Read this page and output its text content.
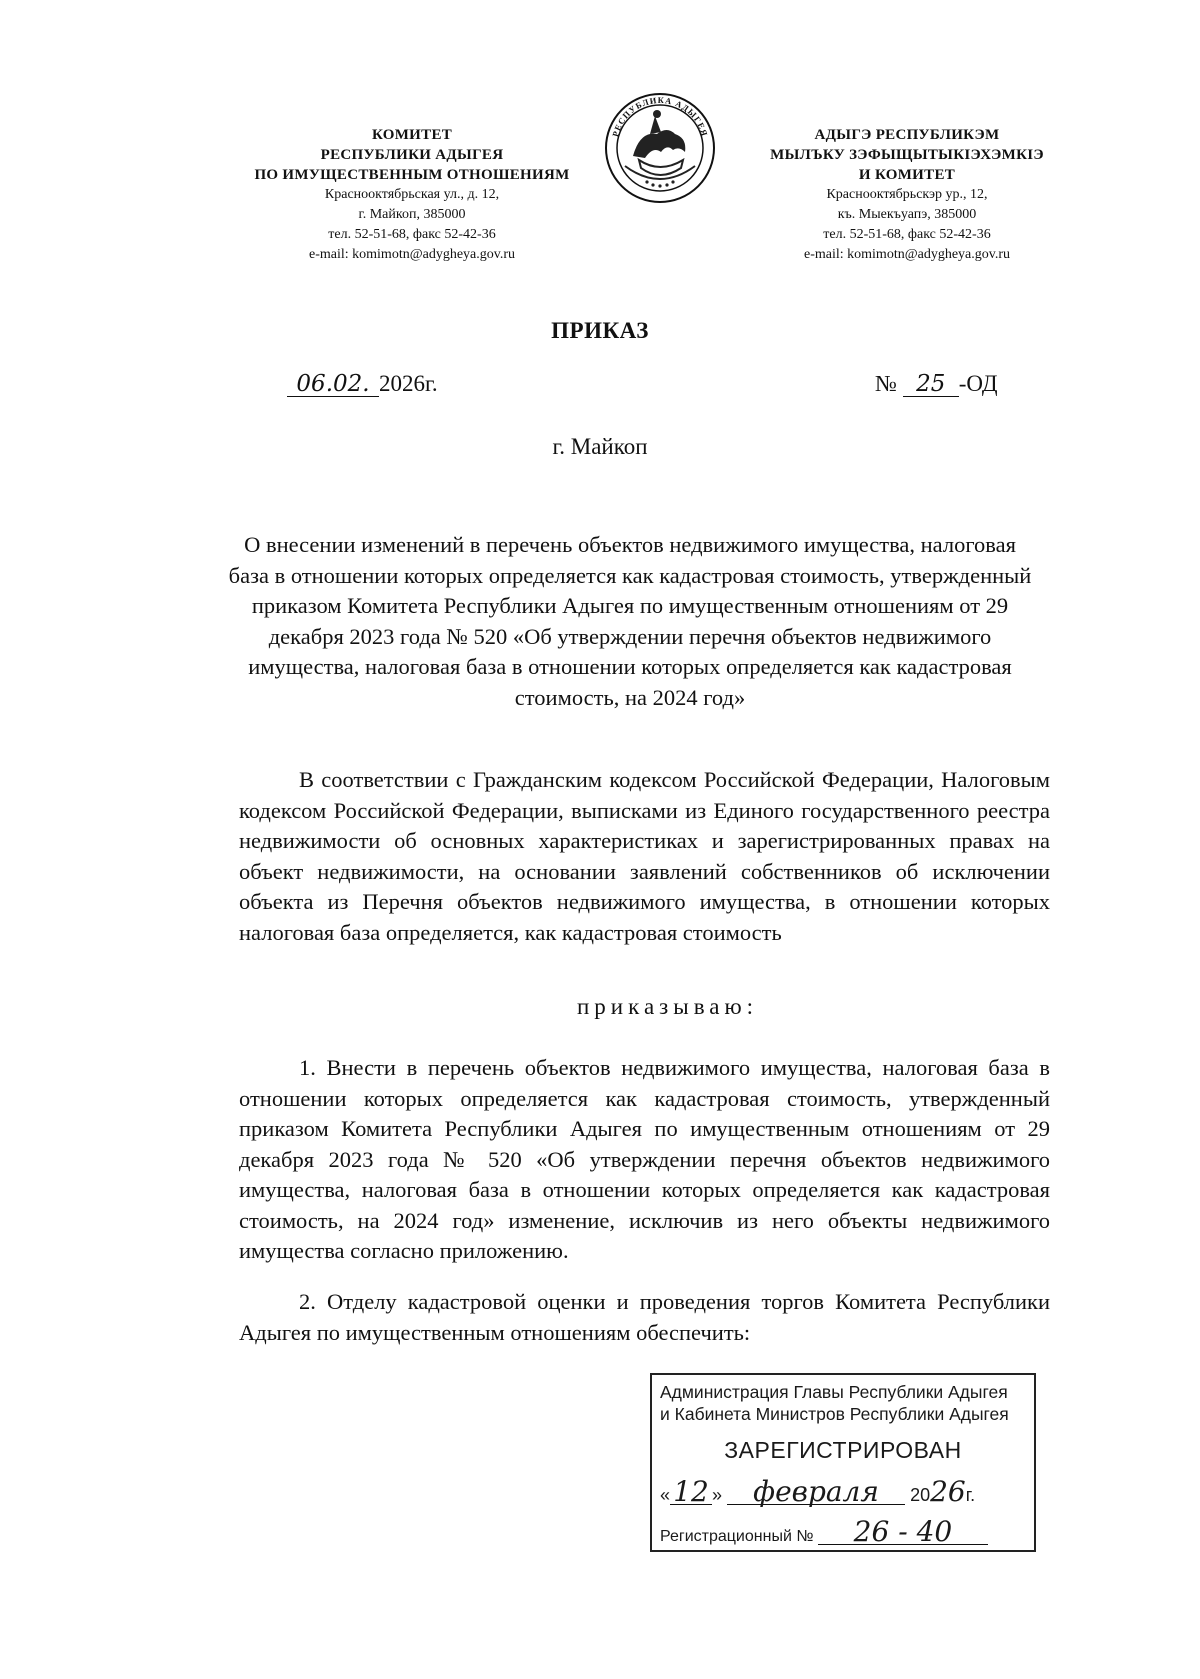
КОМИТЕТ
РЕСПУБЛИКИ АДЫГЕЯ
ПО ИМУЩЕСТВЕННЫМ ОТНОШЕНИЯМ
Краснооктябрьская ул., д. 12,
г. Майкоп, 385000
тел. 52-51-68, факс 52-42-36
e-mail: komimotn@adygheya.gov.ru
РЕСПУБЛИКА АДЫГЕЯ	АДЫГЭ РЕСПУБЛИКЭМ
МЫЛЪКУ ЗЭФЫЩЫТЫКІЭХЭМКІЭ
И КОМИТЕТ
Краснооктябрьскэр ур., 12,
къ. Мыекъуапэ, 385000
тел. 52-51-68, факс 52-42-36
e-mail: komimotn@adygheya.gov.ru
ПРИКАЗ
06.02. 2026г.	№ 25 -ОД
г. Майкоп
О внесении изменений в перечень объектов недвижимого имущества, налоговая база в отношении которых определяется как кадастровая стоимость, утвержденный приказом Комитета Республики Адыгея по имущественным отношениям от 29 декабря 2023 года № 520 «Об утверждении перечня объектов недвижимого имущества, налоговая база в отношении которых определяется как кадастровая стоимость, на 2024 год»
В соответствии с Гражданским кодексом Российской Федерации, Налоговым кодексом Российской Федерации, выписками из Единого государственного реестра недвижимости об основных характеристиках и зарегистрированных правах на объект недвижимости, на основании заявлений собственников об исключении объекта из Перечня объектов недвижимого имущества, в отношении которых налоговая база определяется, как кадастровая стоимость
приказываю:
1. Внести в перечень объектов недвижимого имущества, налоговая база в отношении которых определяется как кадастровая стоимость, утвержденный приказом Комитета Республики Адыгея по имущественным отношениям от 29 декабря 2023 года № 520 «Об утверждении перечня объектов недвижимого имущества, налоговая база в отношении которых определяется как кадастровая стоимость, на 2024 год» изменение, исключив из него объекты недвижимого имущества согласно приложению.
2. Отделу кадастровой оценки и проведения торгов Комитета Республики Адыгея по имущественным отношениям обеспечить:
Администрация Главы Республики Адыгея
и Кабинета Министров Республики Адыгея
ЗАРЕГИСТРИРОВАН
« 12 » февраля 2026г.
Регистрационный № 26 - 40
